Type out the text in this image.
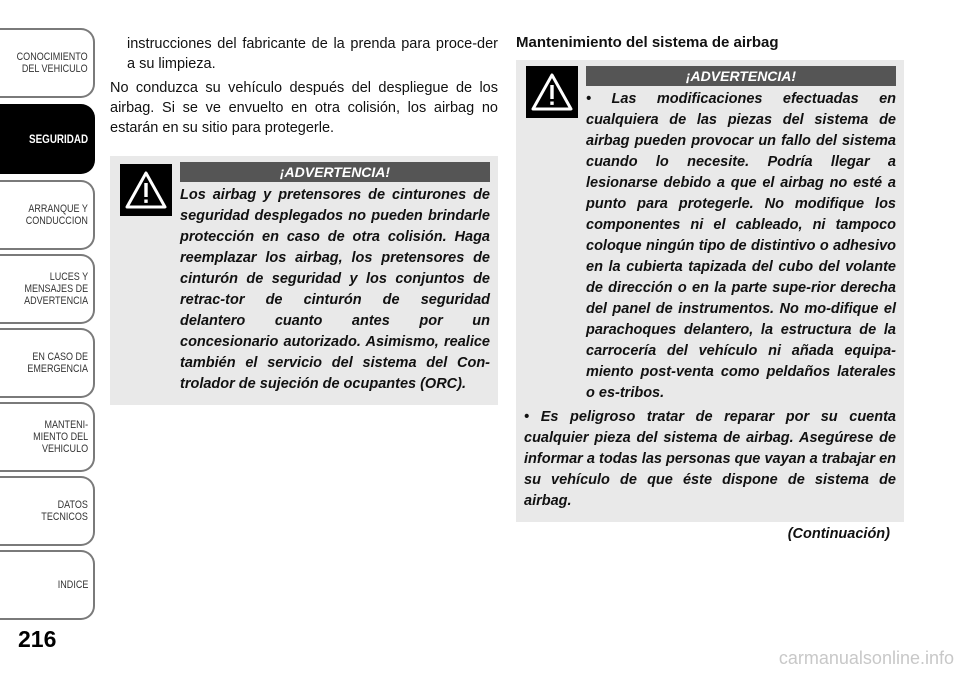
CONOCIMIENTO
DEL VEHICULO
SEGURIDAD
ARRANQUE Y
CONDUCCION
LUCES Y
MENSAJES DE
ADVERTENCIA
EN CASO DE
EMERGENCIA
MANTENI-
MIENTO DEL
VEHICULO
DATOS
TECNICOS
INDICE
216

instrucciones del fabricante de la prenda para proce-der a su limpieza.

No conduzca su vehículo después del despliegue de los airbag. Si se ve envuelto en otra colisión, los airbag no estarán en su sitio para protegerle.

¡ADVERTENCIA!

Los airbag y pretensores de cinturones de seguridad desplegados no pueden brindarle protección en caso de otra colisión. Haga reemplazar los airbag, los pretensores de cinturón de seguridad y los conjuntos de retrac-tor de cinturón de seguridad delantero cuanto antes por un concesionario autorizado. Asimismo, realice también el servicio del sistema del Con-trolador de sujeción de ocupantes (ORC).

Mantenimiento del sistema de airbag

¡ADVERTENCIA!

• Las modificaciones efectuadas en cualquiera de las piezas del sistema de airbag pueden provocar un fallo del sistema cuando lo necesite. Podría llegar a lesionarse debido a que el airbag no esté a punto para protegerle. No modifique los componentes ni el cableado, ni tampoco coloque ningún tipo de distintivo o adhesivo en la cubierta tapizada del cubo del volante de dirección o en la parte supe-rior derecha del panel de instrumentos. No mo-difique el parachoques delantero, la estructura de la carrocería del vehículo ni añada equipa-miento post-venta como peldaños laterales o es-tribos.

• Es peligroso tratar de reparar por su cuenta cualquier pieza del sistema de airbag. Asegúrese de informar a todas las personas que vayan a trabajar en su vehículo de que éste dispone de sistema de airbag.

(Continuación)
carmanualsonline.info
